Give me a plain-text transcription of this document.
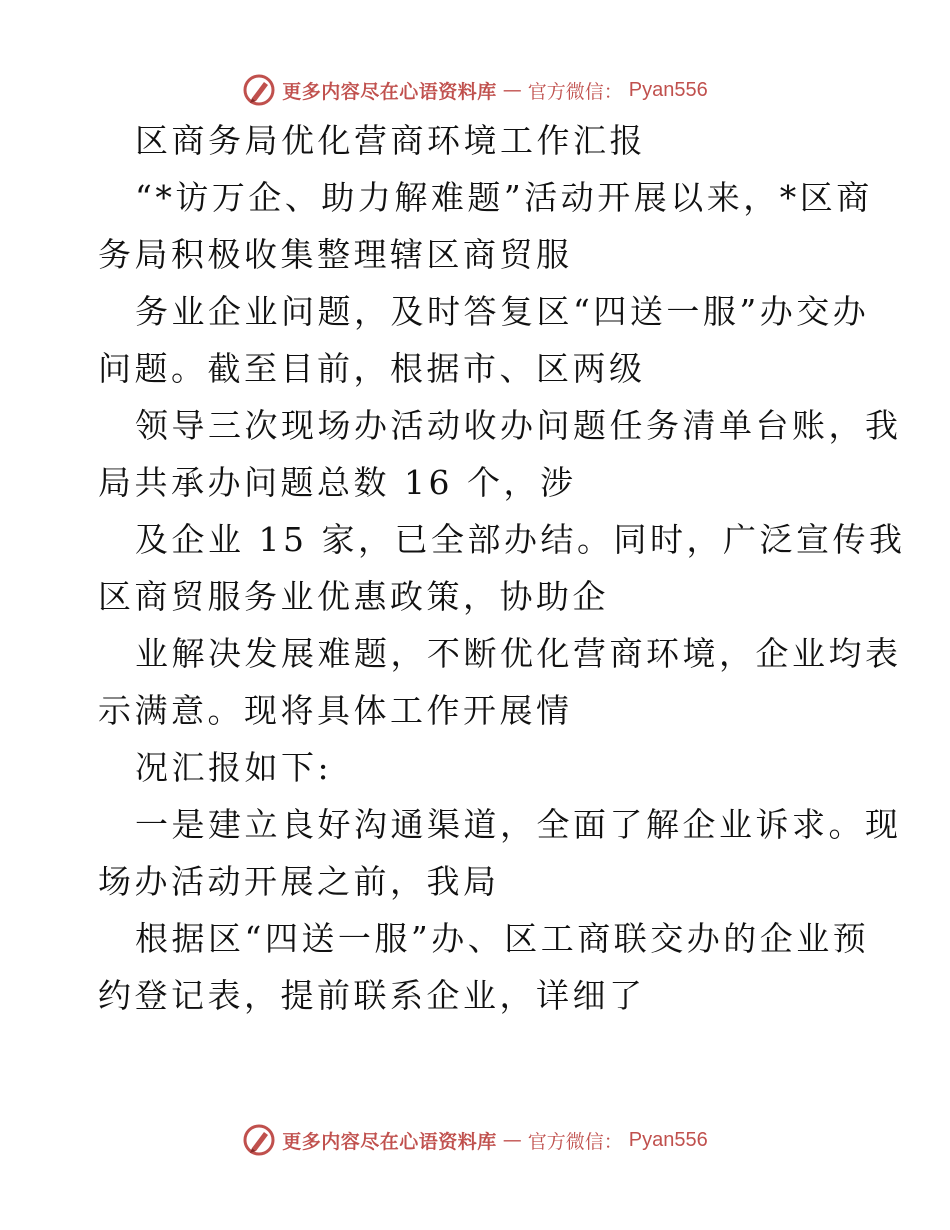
更多内容尽在心语资料库 — 官方微信： Pyan556
区商务局优化营商环境工作汇报
“*访万企、助力解难题”活动开展以来，*区商
务局积极收集整理辖区商贸服
务业企业问题，及时答复区“四送一服”办交办
问题。截至目前，根据市、区两级
领导三次现场办活动收办问题任务清单台账，我
局共承办问题总数 16 个，涉
及企业 15 家，已全部办结。同时，广泛宣传我
区商贸服务业优惠政策，协助企
业解决发展难题，不断优化营商环境，企业均表
示满意。现将具体工作开展情
况汇报如下:
一是建立良好沟通渠道，全面了解企业诉求。现
场办活动开展之前，我局
根据区“四送一服”办、区工商联交办的企业预
约登记表，提前联系企业，详细了
更多内容尽在心语资料库 — 官方微信： Pyan556
